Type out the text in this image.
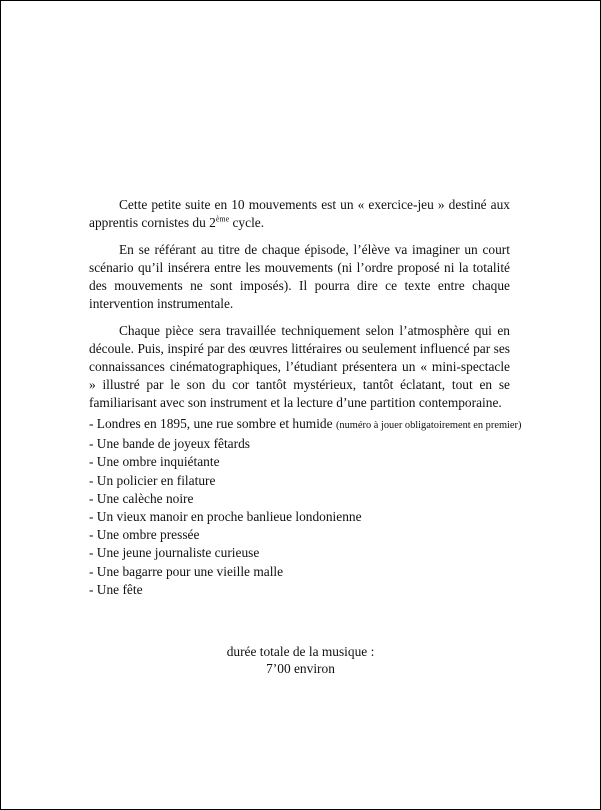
Cette petite suite en 10 mouvements est un « exercice-jeu » destiné aux apprentis cornistes du 2ème cycle.

En se référant au titre de chaque épisode, l’élève va imaginer un court scénario qu’il insérera entre les mouvements (ni l’ordre proposé ni la totalité des mouvements ne sont imposés). Il pourra dire ce texte entre chaque intervention instrumentale.

Chaque pièce sera travaillée techniquement selon l’atmosphère qui en découle. Puis, inspiré par des œuvres littéraires ou seulement influencé par ses connaissances cinématographiques, l’étudiant présentera un « mini-spectacle » illustré par le son du cor tantôt mystérieux, tantôt éclatant, tout en se familiarisant avec son instrument et la lecture d’une partition contemporaine.

- Londres en 1895, une rue sombre et humide (numéro à jouer obligatoirement en premier)
- Une bande de joyeux fêtards
- Une ombre inquiétante
- Un policier en filature
- Une calèche noire
- Un vieux manoir en proche banlieue londonienne
- Une ombre pressée
- Une jeune journaliste curieuse
- Une bagarre pour une vieille malle
- Une fête
durée totale de la musique :
7’00 environ
